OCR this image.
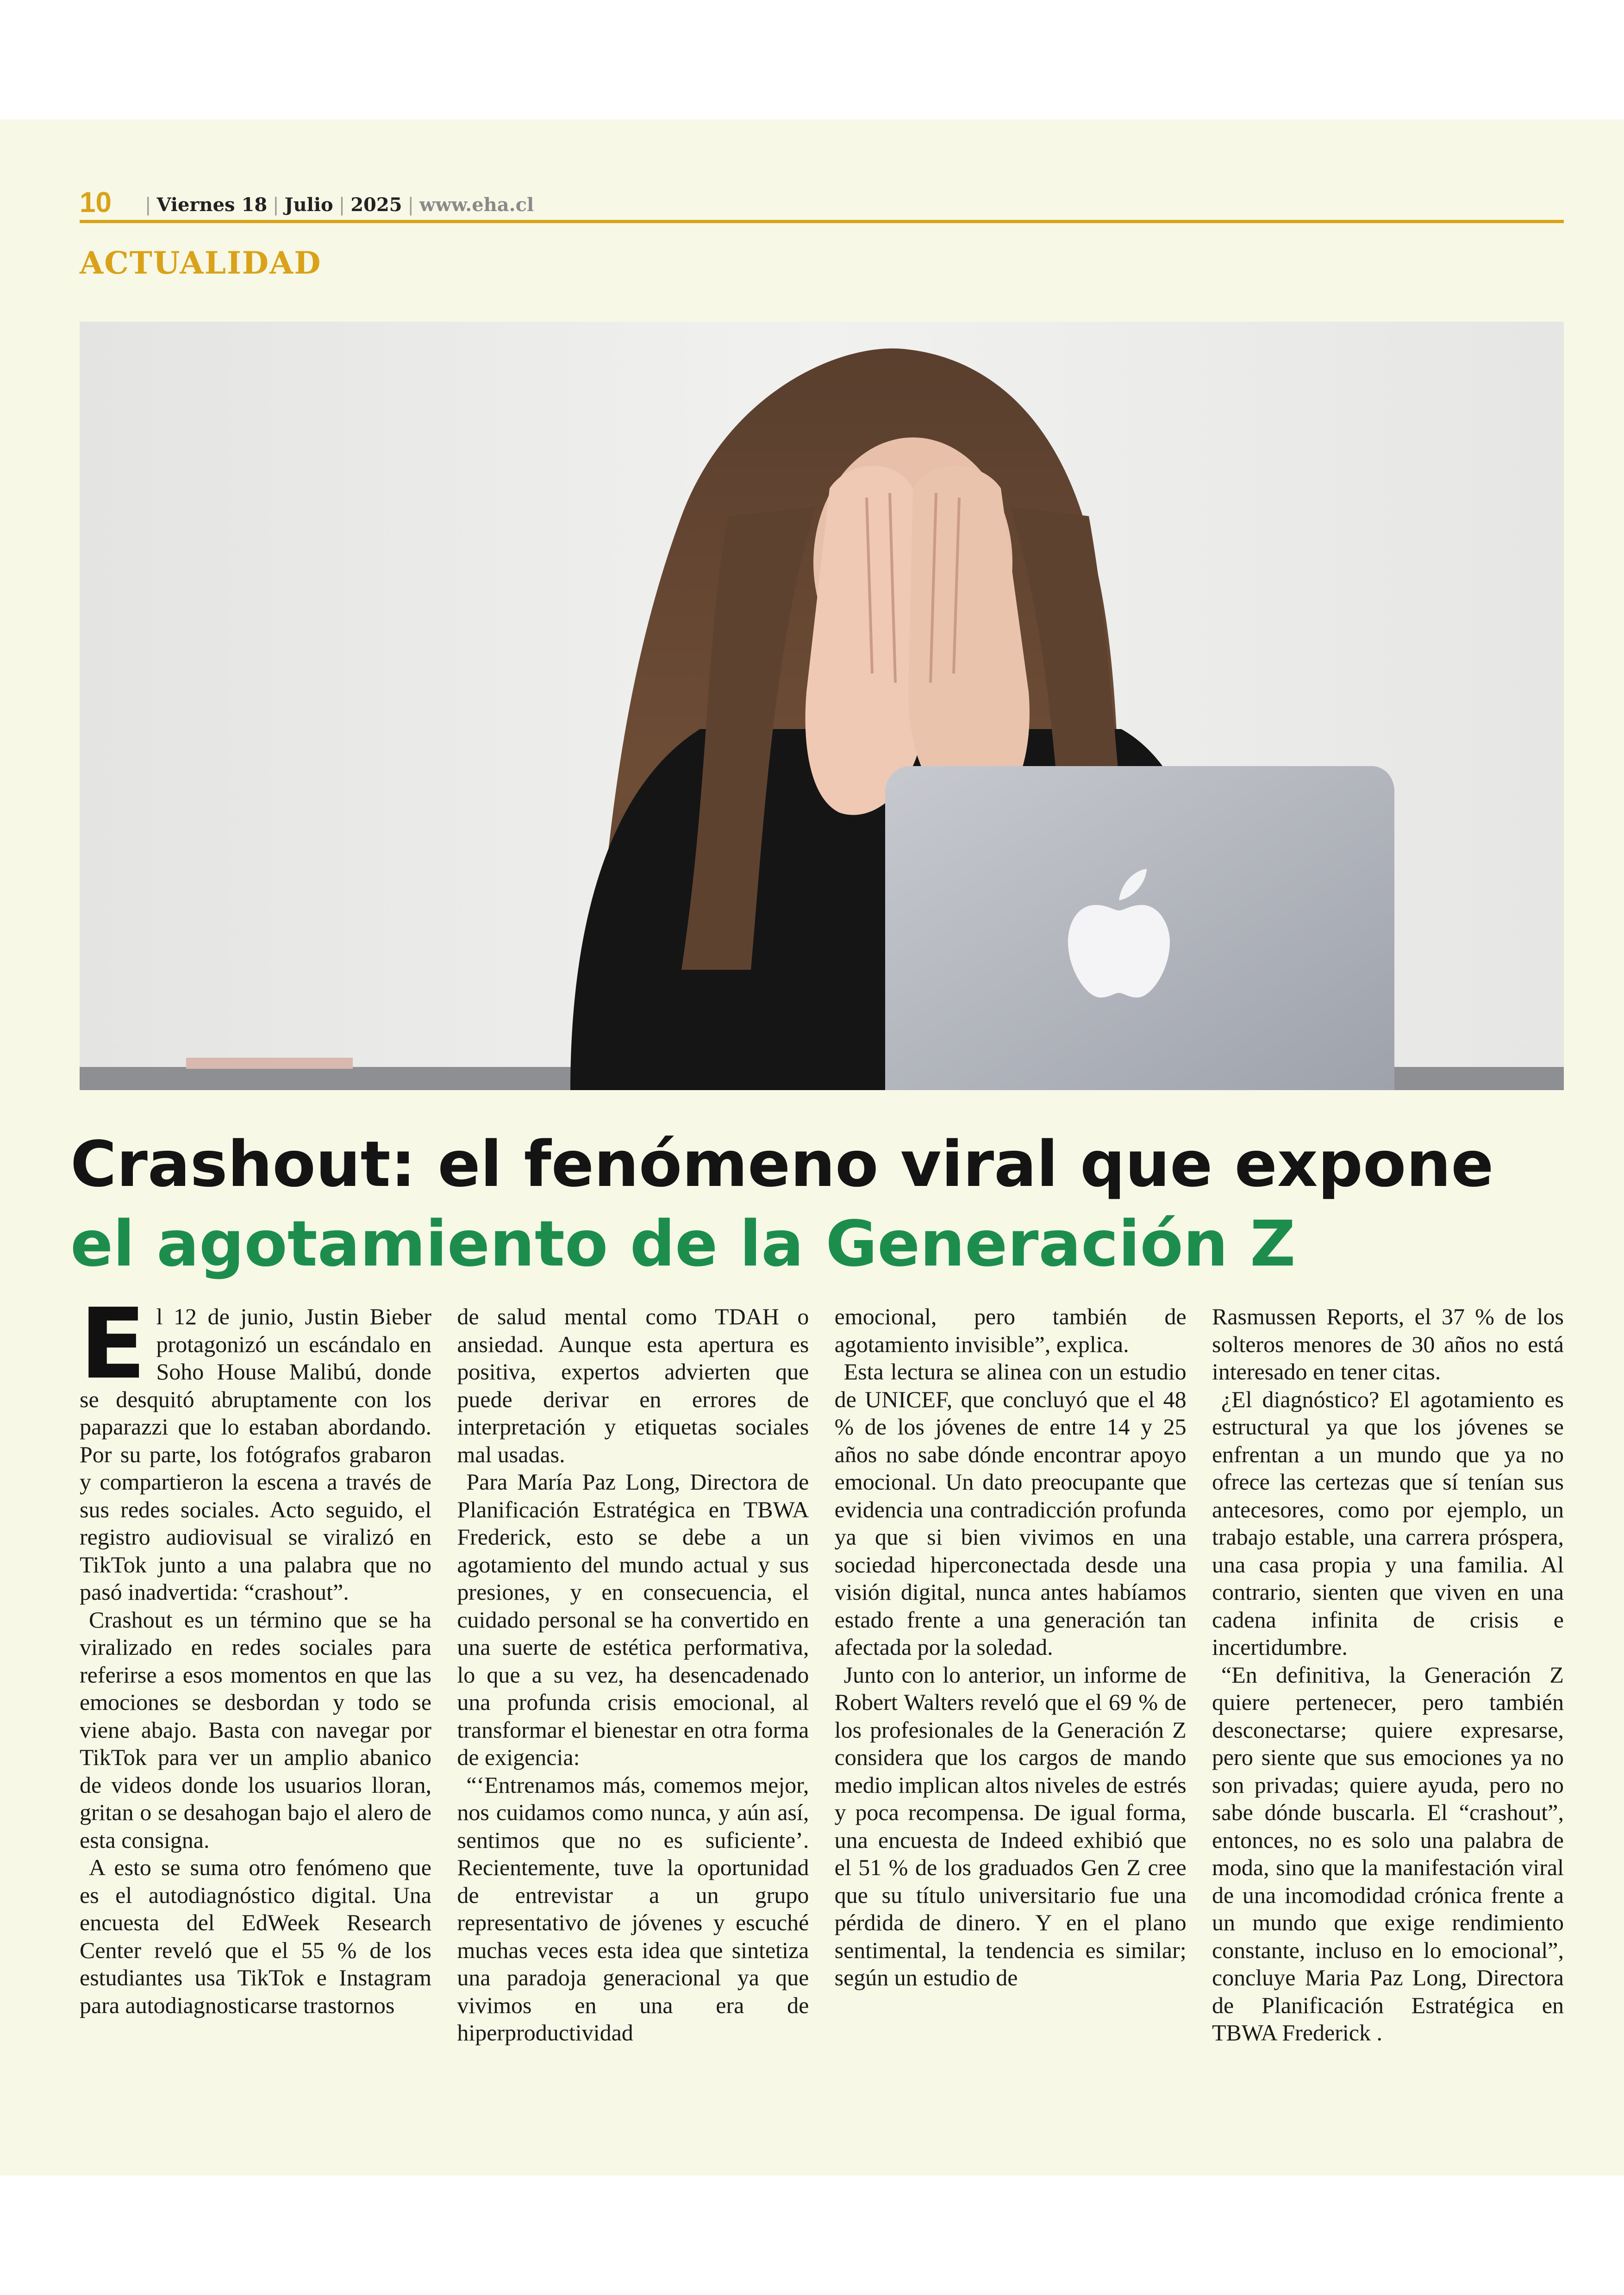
10 | Viernes 18 | Julio | 2025 | www.eha.cl
ACTUALIDAD
Crashout: el fenómeno viral que expone
el agotamiento de la Generación Z

El 12 de junio, Justin Bieber protagonizó un escándalo en Soho House Malibú, donde se desquitó abruptamente con los paparazzi que lo estaban abordando. Por su parte, los fotógrafos grabaron y compartieron la escena a través de sus redes sociales. Acto seguido, el registro audiovisual se viralizó en TikTok junto a una palabra que no pasó inadvertida: “crashout”.

Crashout es un término que se ha viralizado en redes sociales para referirse a esos momentos en que las emociones se desbordan y todo se viene abajo. Basta con navegar por TikTok para ver un amplio abanico de videos donde los usuarios lloran, gritan o se desahogan bajo el alero de esta consigna.

A esto se suma otro fenómeno que es el autodiagnóstico digital. Una encuesta del EdWeek Research Center reveló que el 55 % de los estudiantes usa TikTok e Instagram para autodiagnosticarse trastornos

de salud mental como TDAH o ansiedad. Aunque esta apertura es positiva, expertos advierten que puede derivar en errores de interpretación y etiquetas sociales mal usadas.

Para María Paz Long, Directora de Planificación Estratégica en TBWA Frederick, esto se debe a un agotamiento del mundo actual y sus presiones, y en consecuencia, el cuidado personal se ha convertido en una suerte de estética performativa, lo que a su vez, ha desencadenado una profunda crisis emocional, al transformar el bienestar en otra forma de exigencia:

“‘Entrenamos más, comemos mejor, nos cuidamos como nunca, y aún así, sentimos que no es suficiente’. Recientemente, tuve la oportunidad de entrevistar a un grupo representativo de jóvenes y escuché muchas veces esta idea que sintetiza una paradoja generacional ya que vivimos en una era de hiperproductividad

emocional, pero también de agotamiento invisible”, explica.

Esta lectura se alinea con un estudio de UNICEF, que concluyó que el 48 % de los jóvenes de entre 14 y 25 años no sabe dónde encontrar apoyo emocional. Un dato preocupante que evidencia una contradicción profunda ya que si bien vivimos en una sociedad hiperconectada desde una visión digital, nunca antes habíamos estado frente a una generación tan afectada por la soledad.

Junto con lo anterior, un informe de Robert Walters reveló que el 69 % de los profesionales de la Generación Z considera que los cargos de mando medio implican altos niveles de estrés y poca recompensa. De igual forma, una encuesta de Indeed exhibió que el 51 % de los graduados Gen Z cree que su título universitario fue una pérdida de dinero. Y en el plano sentimental, la tendencia es similar; según un estudio de

Rasmussen Reports, el 37 % de los solteros menores de 30 años no está interesado en tener citas.

¿El diagnóstico? El agotamiento es estructural ya que los jóvenes se enfrentan a un mundo que ya no ofrece las certezas que sí tenían sus antecesores, como por ejemplo, un trabajo estable, una carrera próspera, una casa propia y una familia. Al contrario, sienten que viven en una cadena infinita de crisis e incertidumbre.

“En definitiva, la Generación Z quiere pertenecer, pero también desconectarse; quiere expresarse, pero siente que sus emociones ya no son privadas; quiere ayuda, pero no sabe dónde buscarla. El “crashout”, entonces, no es solo una palabra de moda, sino que la manifestación viral de una incomodidad crónica frente a un mundo que exige rendimiento constante, incluso en lo emocional”, concluye Maria Paz Long, Directora de Planificación Estratégica en TBWA Frederick .
